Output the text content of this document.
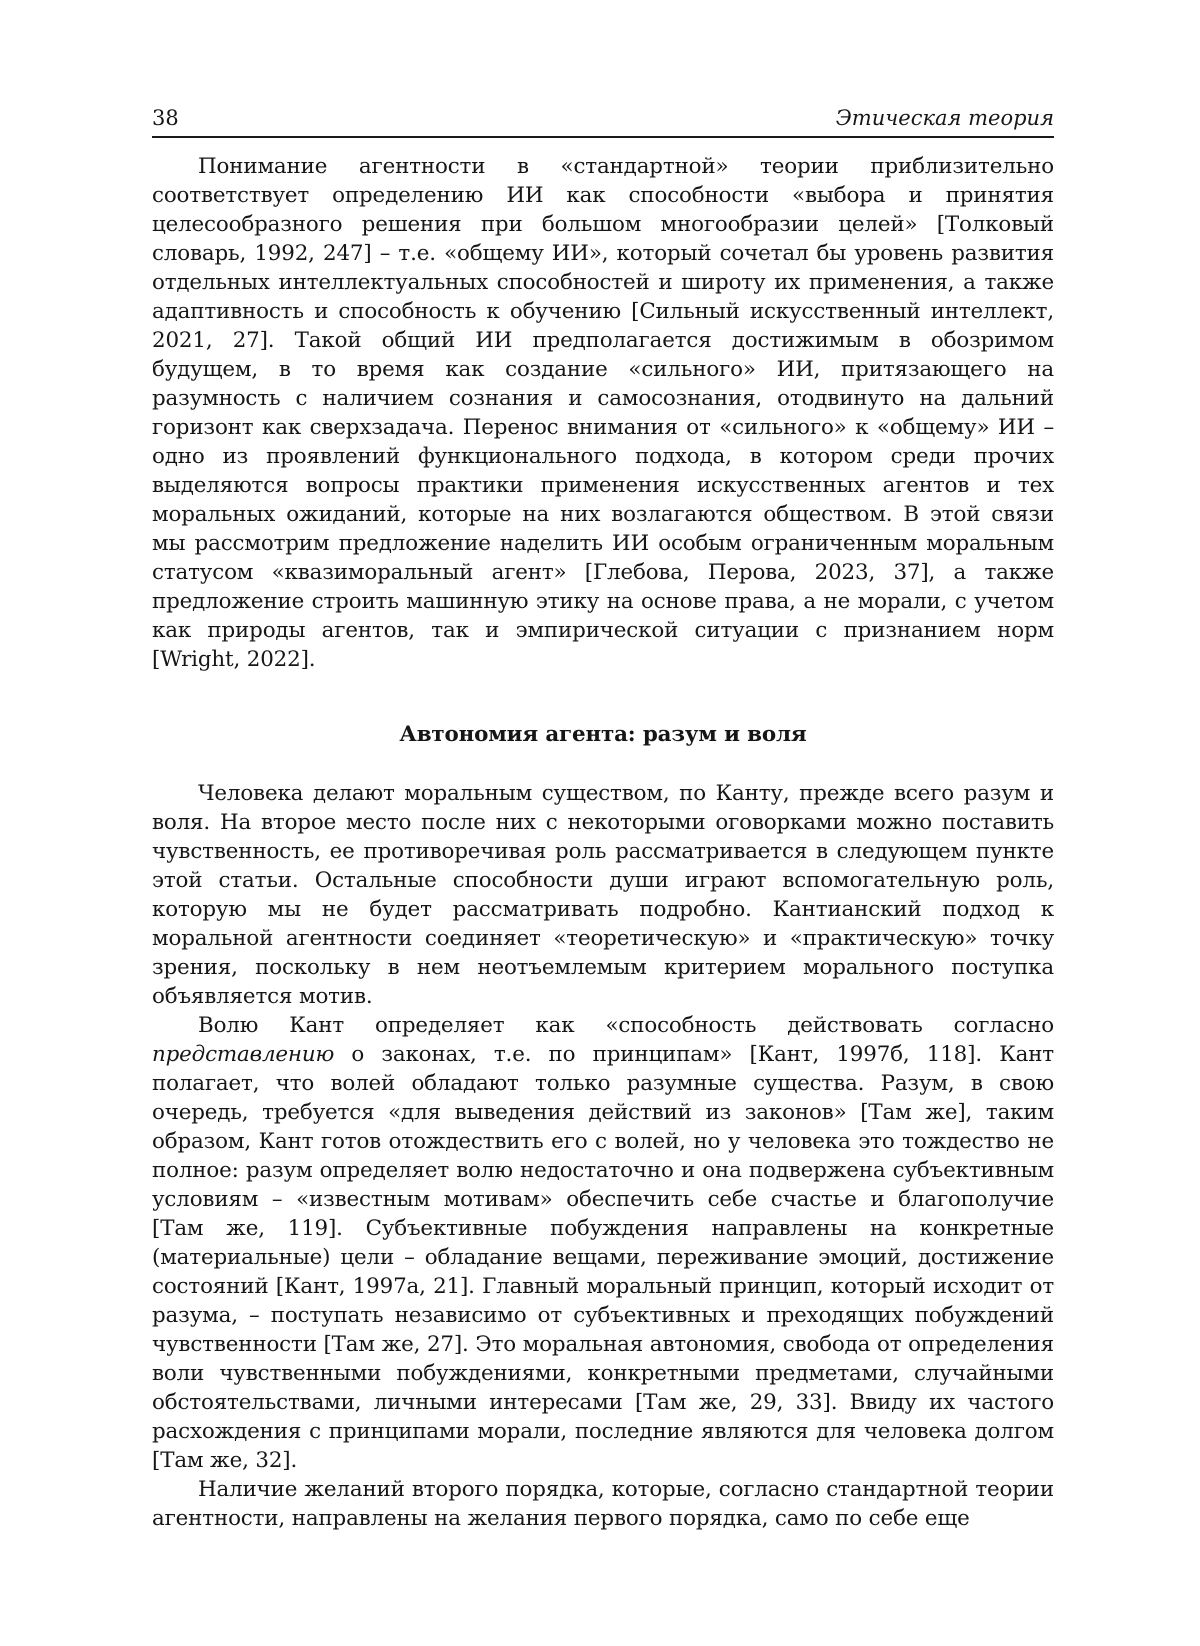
38	Этическая теория

Понимание агентности в «стандартной» теории приблизительно соответствует определению ИИ как способности «выбора и принятия целесообразного решения при большом многообразии целей» [Толковый словарь, 1992, 247] – т.е. «общему ИИ», который сочетал бы уровень развития отдельных интеллектуальных способностей и широту их применения, а также адаптивность и способность к обучению [Сильный искусственный интеллект, 2021, 27]. Такой общий ИИ предполагается достижимым в обозримом будущем, в то время как создание «сильного» ИИ, притязающего на разумность с наличием сознания и самосознания, отодвинуто на дальний горизонт как сверхзадача. Перенос внимания от «сильного» к «общему» ИИ – одно из проявлений функционального подхода, в котором среди прочих выделяются вопросы практики применения искусственных агентов и тех моральных ожиданий, которые на них возлагаются обществом. В этой связи мы рассмотрим предложение наделить ИИ особым ограниченным моральным статусом «квазиморальный агент» [Глебова, Перова, 2023, 37], а также предложение строить машинную этику на основе права, а не морали, с учетом как природы агентов, так и эмпирической ситуации с признанием норм [Wright, 2022].

Автономия агента: разум и воля

Человека делают моральным существом, по Канту, прежде всего разум и воля. На второе место после них с некоторыми оговорками можно поставить чувственность, ее противоречивая роль рассматривается в следующем пункте этой статьи. Остальные способности души играют вспомогательную роль, которую мы не будет рассматривать подробно. Кантианский подход к моральной агентности соединяет «теоретическую» и «практическую» точку зрения, поскольку в нем неотъемлемым критерием морального поступка объявляется мотив.

Волю Кант определяет как «способность действовать согласно представлению о законах, т.е. по принципам» [Кант, 1997б, 118]. Кант полагает, что волей обладают только разумные существа. Разум, в свою очередь, требуется «для выведения действий из законов» [Там же], таким образом, Кант готов отождествить его с волей, но у человека это тождество не полное: разум определяет волю недостаточно и она подвержена субъективным условиям – «известным мотивам» обеспечить себе счастье и благополучие [Там же, 119]. Субъективные побуждения направлены на конкретные (материальные) цели – обладание вещами, переживание эмоций, достижение состояний [Кант, 1997а, 21]. Главный моральный принцип, который исходит от разума, – поступать независимо от субъективных и преходящих побуждений чувственности [Там же, 27]. Это моральная автономия, свобода от определения воли чувственными побуждениями, конкретными предметами, случайными обстоятельствами, личными интересами [Там же, 29, 33]. Ввиду их частого расхождения с принципами морали, последние являются для человека долгом [Там же, 32].

Наличие желаний второго порядка, которые, согласно стандартной теории агентности, направлены на желания первого порядка, само по себе еще
